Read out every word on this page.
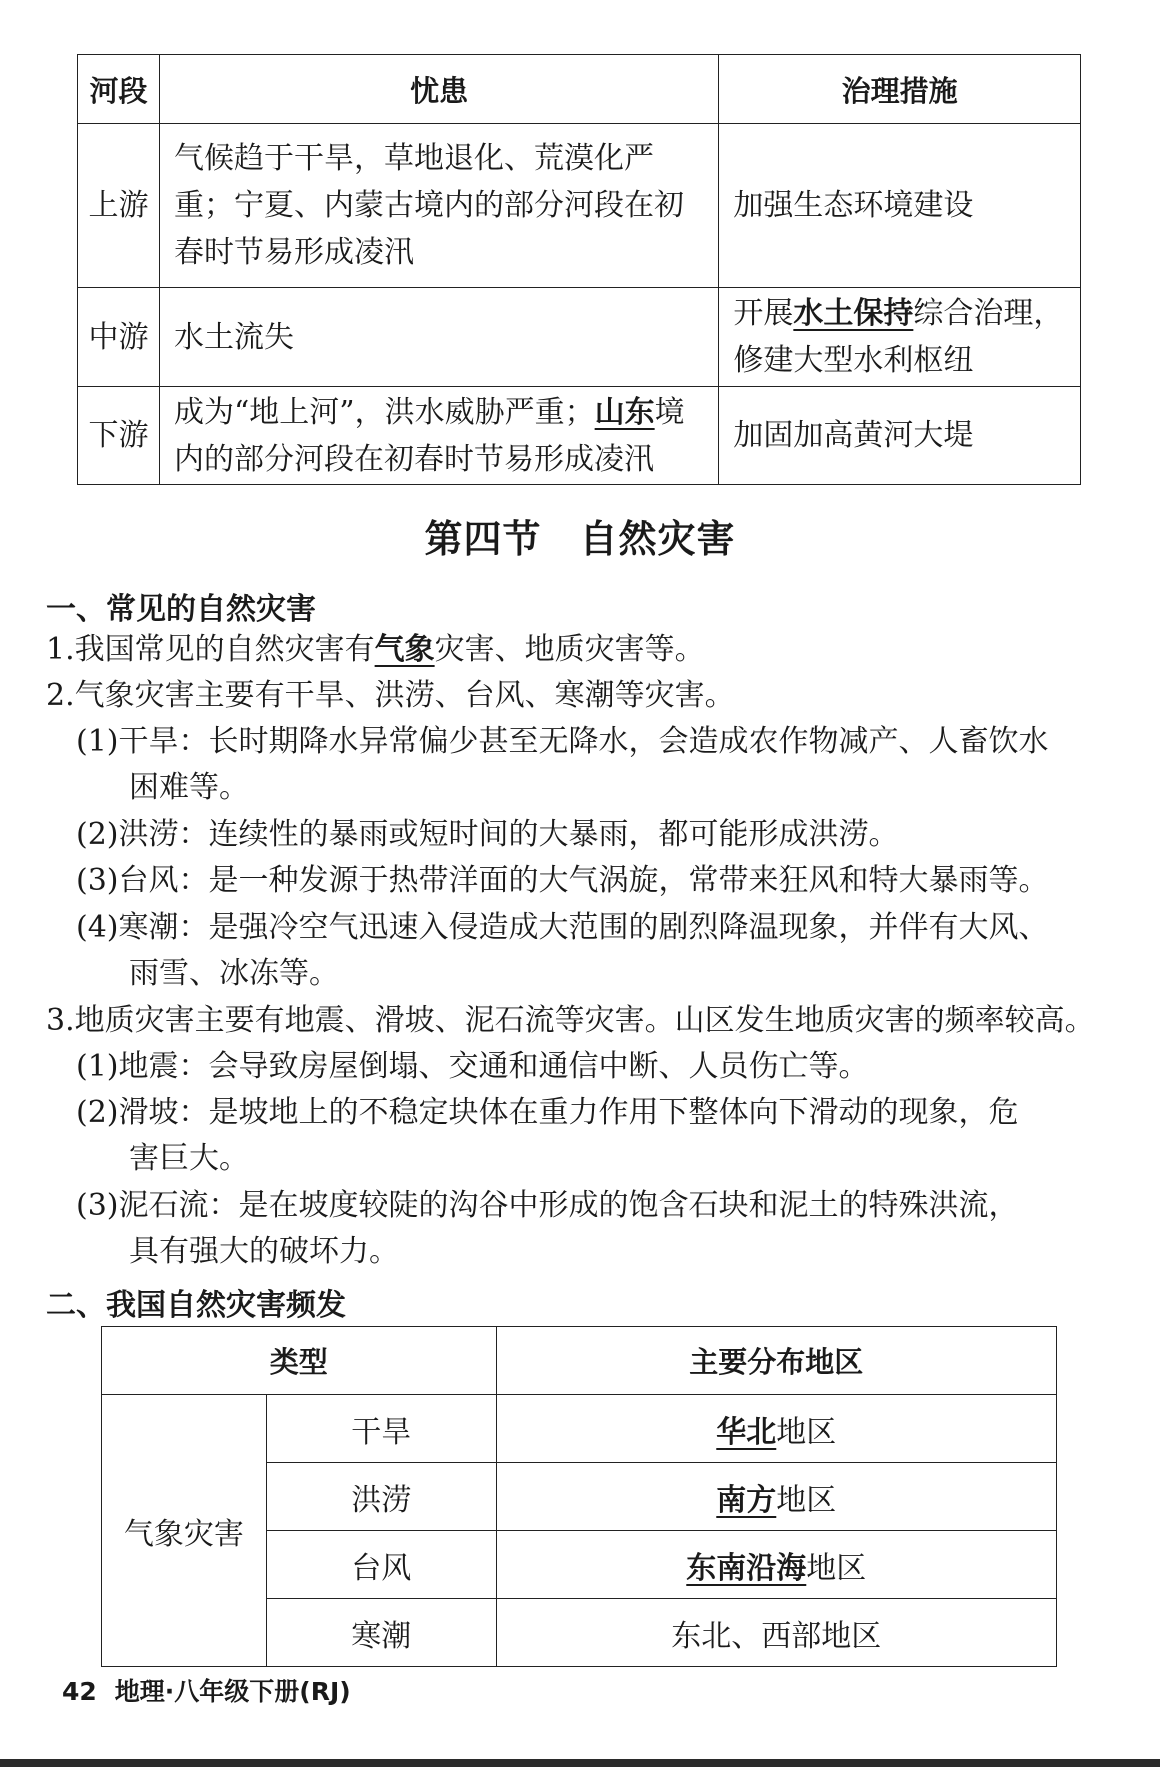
河段	忧患	治理措施
上游	气候趋于干旱，草地退化、荒漠化严重；宁夏、内蒙古境内的部分河段在初春时节易形成凌汛	加强生态环境建设
中游	水土流失	开展水土保持综合治理，修建大型水利枢纽
下游	成为“地上河”，洪水威胁严重；山东境内的部分河段在初春时节易形成凌汛	加固加高黄河大堤
第四节 自然灾害
一、常见的自然灾害
1.我国常见的自然灾害有气象灾害、地质灾害等。
2.气象灾害主要有干旱、洪涝、台风、寒潮等灾害。
(1)干旱：长时期降水异常偏少甚至无降水，会造成农作物减产、人畜饮水
困难等。
(2)洪涝：连续性的暴雨或短时间的大暴雨，都可能形成洪涝。
(3)台风：是一种发源于热带洋面的大气涡旋，常带来狂风和特大暴雨等。
(4)寒潮：是强冷空气迅速入侵造成大范围的剧烈降温现象，并伴有大风、
雨雪、冰冻等。
3.地质灾害主要有地震、滑坡、泥石流等灾害。山区发生地质灾害的频率较高。
(1)地震：会导致房屋倒塌、交通和通信中断、人员伤亡等。
(2)滑坡：是坡地上的不稳定块体在重力作用下整体向下滑动的现象，危
害巨大。
(3)泥石流：是在坡度较陡的沟谷中形成的饱含石块和泥土的特殊洪流，
具有强大的破坏力。
二、我国自然灾害频发
类型		主要分布地区
气象灾害	干旱	华北地区
	洪涝	南方地区
	台风	东南沿海地区
	寒潮	东北、西部地区
42 地理·八年级下册(RJ)
